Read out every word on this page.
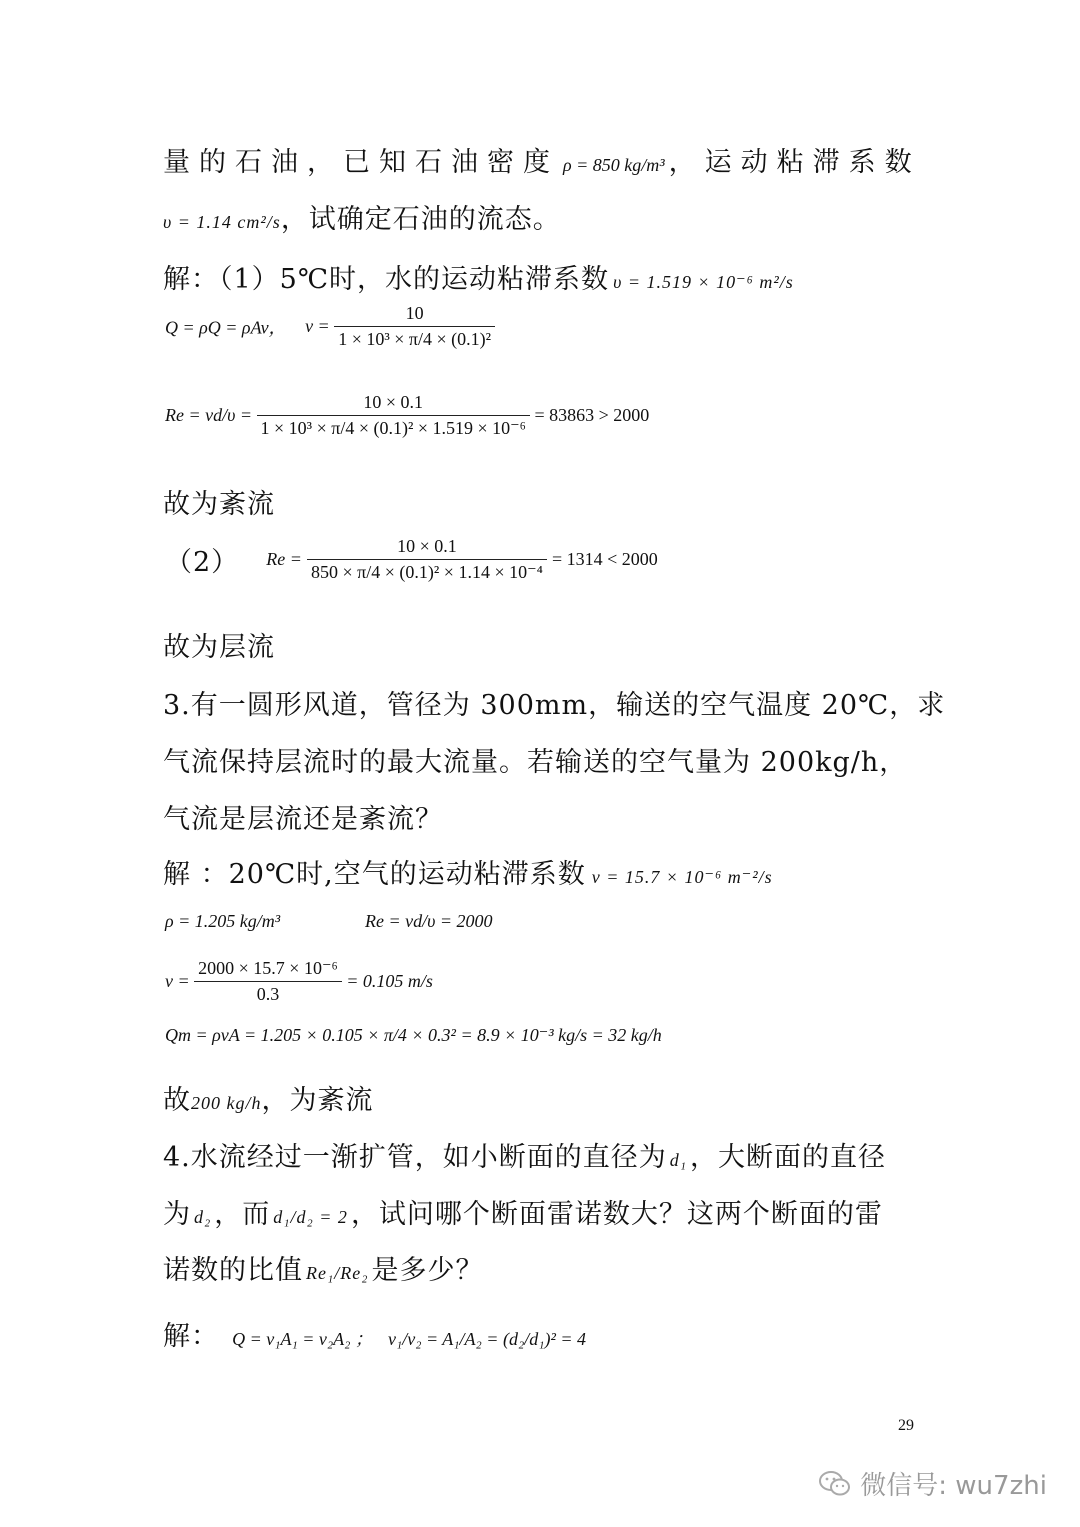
量的石油，已知石油密度 ρ = 850 kg/m³ ，运动粘滞系数
υ = 1.14 cm²/s，试确定石油的流态。
解：（1）5℃时，水的运动粘滞系数 υ = 1.519 × 10⁻⁶ m²/s
Q = ρQ = ρAv， $v = \frac{10}{\text{1 × 10³ × π/4 × (0.1)²}}$
$Re = vd/\upsilon = \frac{10 \times 0.1}{\text{1 × 10³ × π/4 × (0.1)² × 1.519 × 10⁻⁶}} = 83863 > 2000$
故为紊流
（2） $Re = \frac{10 \times 0.1}{\text{850 × π/4 × (0.1)² × 1.14 × 10⁻⁴}} = 1314 < 2000$
故为层流
3.有一圆形风道，管径为 300mm，输送的空气温度 20℃，求
气流保持层流时的最大流量。若输送的空气量为 200kg/h，
气流是层流还是紊流？
解 ：20℃时,空气的运动粘滞系数 ν = 15.7 × 10⁻⁶ m⁻²/s
ρ = 1.205 kg/m³	Re = vd/υ = 2000
$v = \frac{\text{2000 × 15.7 × 10⁻⁶}}{0.3} = 0.105$ m/s
Qm = ρvA = 1.205 × 0.105 × π/4 × 0.3² = 8.9 × 10⁻³ kg/s = 32 kg/h
故200 kg/h，为紊流
4.水流经过一渐扩管，如小断面的直径为 d₁ ，大断面的直径
为d₂ ，而 d₁/d₂ = 2 ，试问哪个断面雷诺数大？这两个断面的雷
诺数的比值 Re₁/Re₂ 是多少？
解： Q = v₁A₁ = v₂A₂ ； v₁/v₂ = A₁/A₂ = (d₂/d₁)² = 4
29
微信号: wu7zhi
